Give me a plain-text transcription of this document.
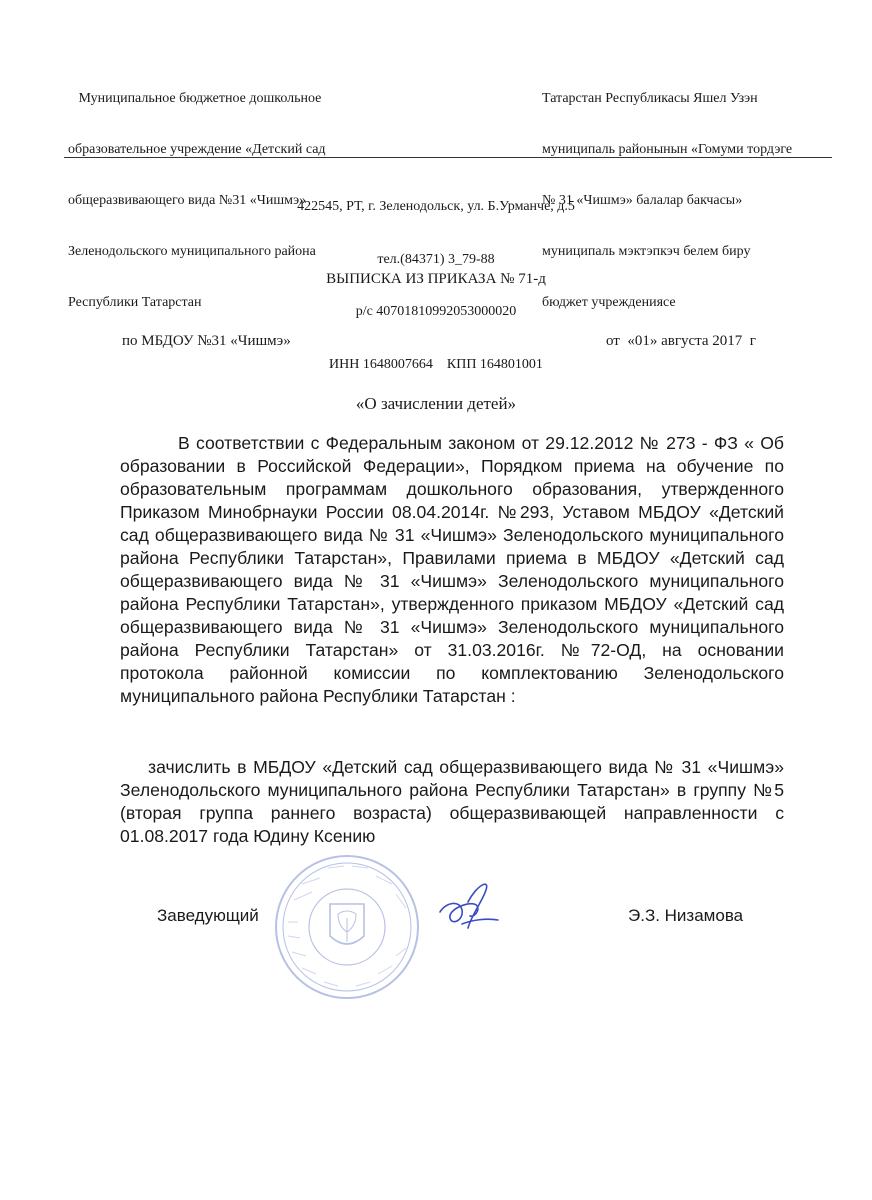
Муниципальное бюджетное дошкольное

образовательное учреждение «Детский сад

общеразвивающего вида №31 «Чишмэ»

Зеленодольского муниципального района

Республики Татарстан

Татарстан Республикасы Яшел Узэн

муниципаль районынын «Гомуми тордэге

№ 31 «Чишмэ» балалар бакчасы»

муниципаль мэктэпкэч белем биру

бюджет учреждениясе

422545, РТ, г. Зеленодольск, ул. Б.Урманче, д.5

тел.(84371) 3_79-88

р/с 40701810992053000020

ИНН 1648007664    КПП 164801001

ВЫПИСКА ИЗ ПРИКАЗА № 71-д
по МБДОУ №31 «Чишмэ»	от  «01» августа 2017  г
«О зачислении детей»
В соответствии с Федеральным законом от 29.12.2012 № 273 - ФЗ « Об образовании в Российской Федерации», Порядком приема на обучение по образовательным программам дошкольного образования, утвержденного Приказом Минобрнауки России 08.04.2014г. №293, Уставом МБДОУ «Детский сад общеразвивающего вида № 31 «Чишмэ» Зеленодольского муниципального района Республики Татарстан», Правилами приема в МБДОУ «Детский сад общеразвивающего вида № 31 «Чишмэ» Зеленодольского муниципального района Республики Татарстан», утвержденного приказом МБДОУ «Детский сад общеразвивающего вида № 31 «Чишмэ» Зеленодольского муниципального района Республики Татарстан» от 31.03.2016г. №72-ОД, на основании протокола районной комиссии по комплектованию Зеленодольского муниципального района Республики Татарстан :
зачислить в МБДОУ «Детский сад общеразвивающего вида № 31 «Чишмэ» Зеленодольского муниципального района Республики Татарстан» в группу №5 (вторая группа раннего возраста) общеразвивающей направленности с 01.08.2017 года Юдину Ксению
Заведующий	Э.З. Низамова
